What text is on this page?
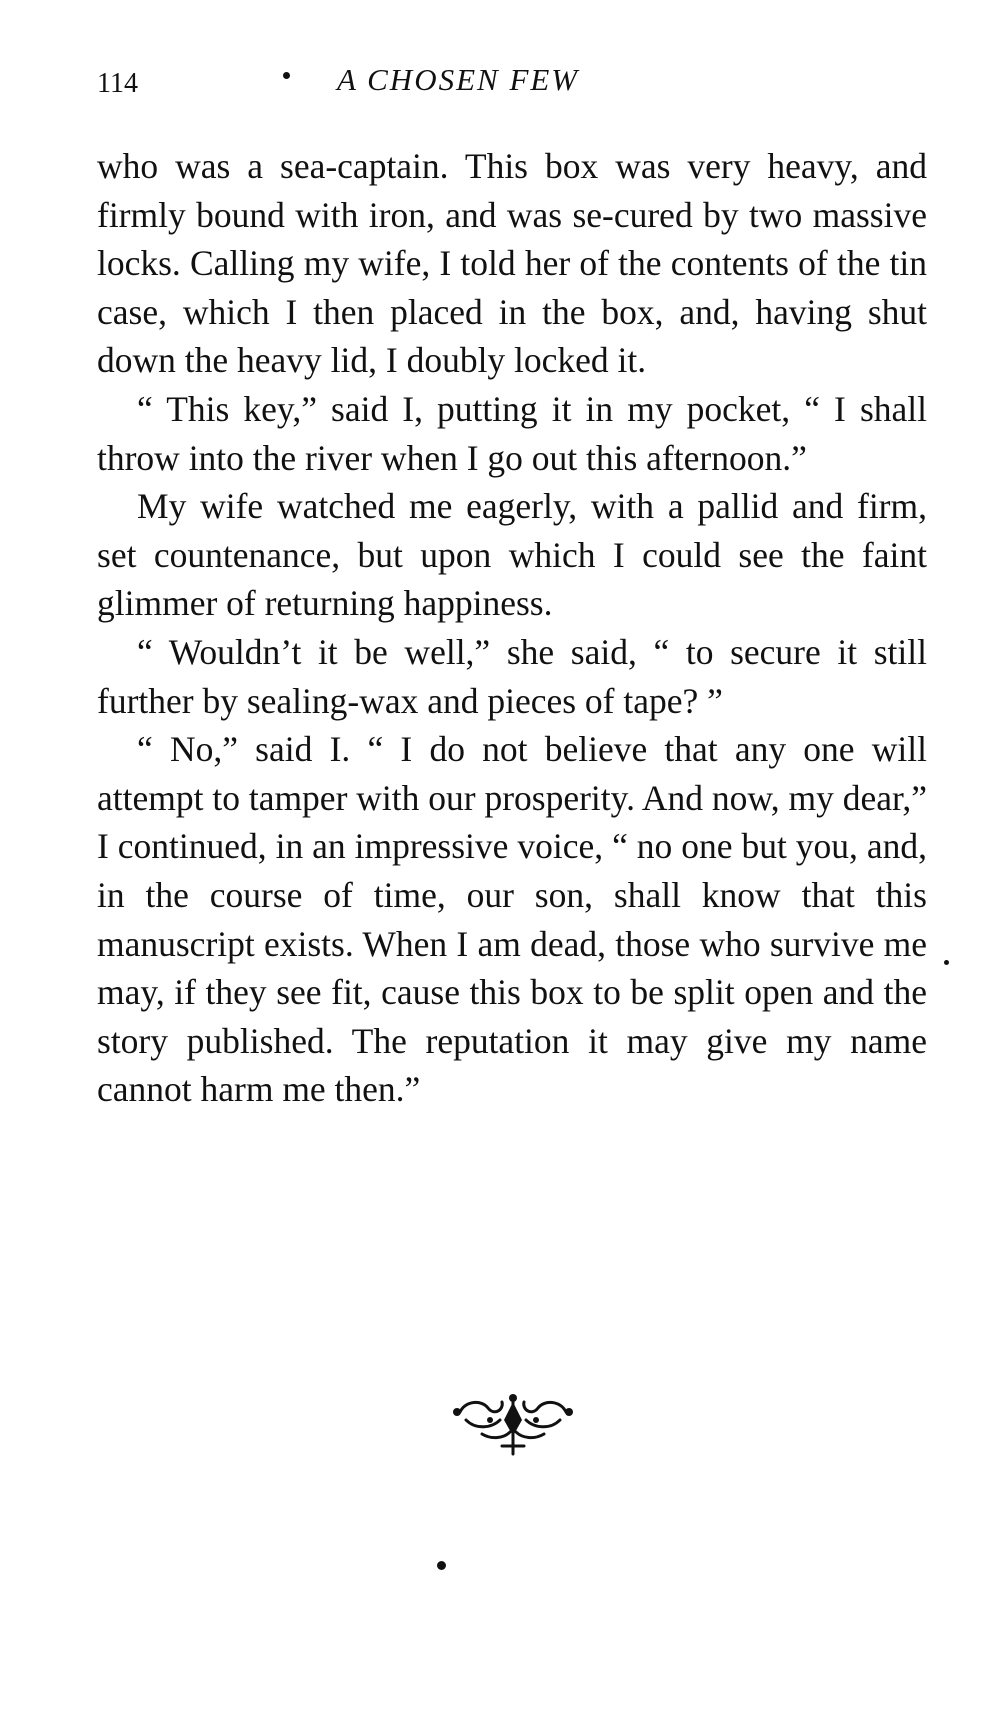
114	A CHOSEN FEW

who was a sea-captain. This box was very heavy, and firmly bound with iron, and was se-cured by two massive locks. Calling my wife, I told her of the contents of the tin case, which I then placed in the box, and, having shut down the heavy lid, I doubly locked it.

“ This key,” said I, putting it in my pocket, “ I shall throw into the river when I go out this afternoon.”

My wife watched me eagerly, with a pallid and firm, set countenance, but upon which I could see the faint glimmer of returning happiness.

“ Wouldn’t it be well,” she said, “ to secure it still further by sealing-wax and pieces of tape? ”

“ No,” said I. “ I do not believe that any one will attempt to tamper with our prosperity. And now, my dear,” I continued, in an impressive voice, “ no one but you, and, in the course of time, our son, shall know that this manuscript exists. When I am dead, those who survive me may, if they see fit, cause this box to be split open and the story published. The reputation it may give my name cannot harm me then.”
